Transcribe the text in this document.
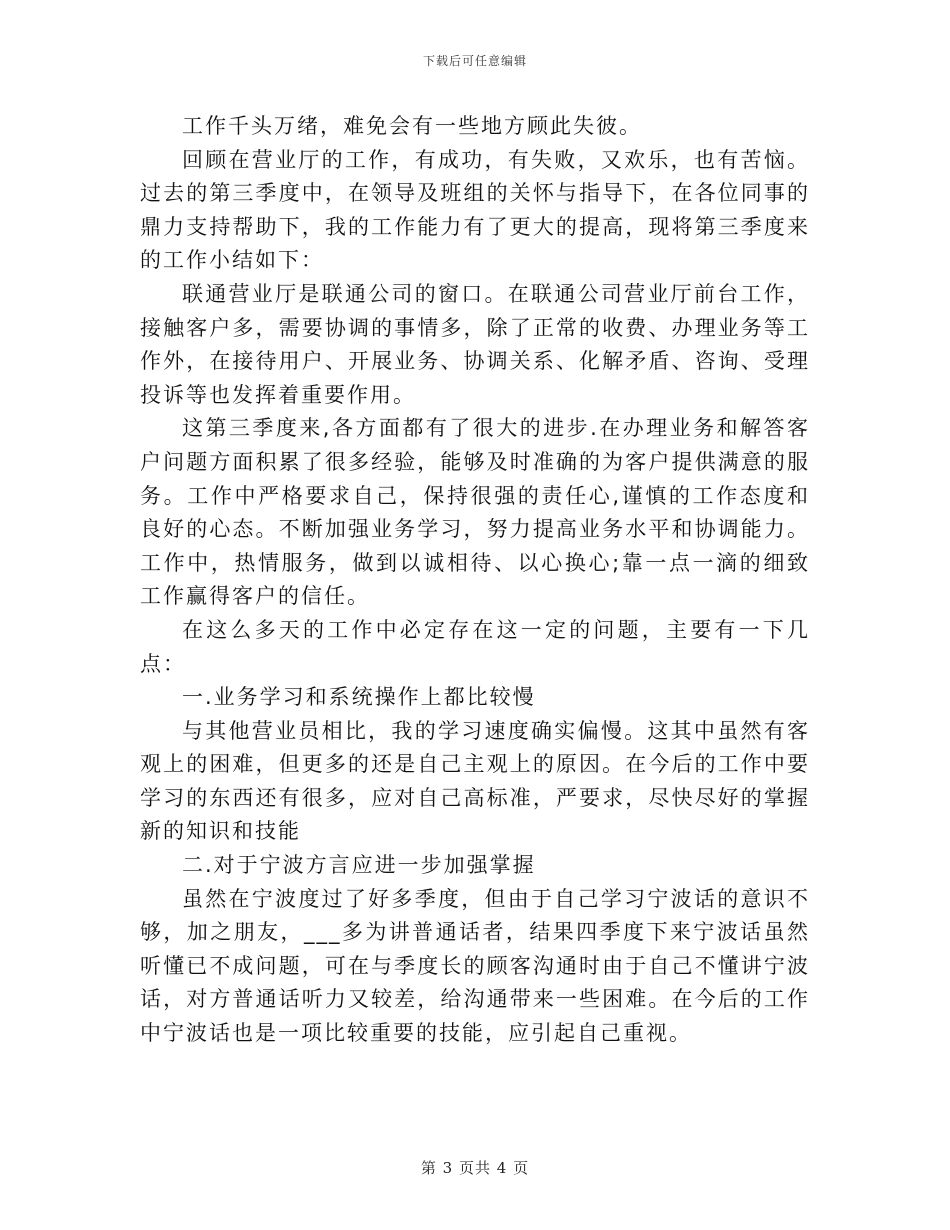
下载后可任意编辑

工作千头万绪，难免会有一些地方顾此失彼。

回顾在营业厅的工作，有成功，有失败，又欢乐，也有苦恼。过去的第三季度中，在领导及班组的关怀与指导下，在各位同事的鼎力支持帮助下，我的工作能力有了更大的提高，现将第三季度来的工作小结如下：

联通营业厅是联通公司的窗口。在联通公司营业厅前台工作，接触客户多，需要协调的事情多，除了正常的收费、办理业务等工作外，在接待用户、开展业务、协调关系、化解矛盾、咨询、受理投诉等也发挥着重要作用。

这第三季度来,各方面都有了很大的进步.在办理业务和解答客户问题方面积累了很多经验，能够及时准确的为客户提供满意的服务。工作中严格要求自己，保持很强的责任心,谨慎的工作态度和良好的心态。不断加强业务学习，努力提高业务水平和协调能力。工作中，热情服务，做到以诚相待、以心换心;靠一点一滴的细致工作赢得客户的信任。

在这么多天的工作中必定存在这一定的问题，主要有一下几点：

一.业务学习和系统操作上都比较慢

与其他营业员相比，我的学习速度确实偏慢。这其中虽然有客观上的困难，但更多的还是自己主观上的原因。在今后的工作中要学习的东西还有很多，应对自己高标准，严要求，尽快尽好的掌握新的知识和技能

二.对于宁波方言应进一步加强掌握

虽然在宁波度过了好多季度，但由于自己学习宁波话的意识不够，加之朋友，___多为讲普通话者，结果四季度下来宁波话虽然听懂已不成问题，可在与季度长的顾客沟通时由于自己不懂讲宁波话，对方普通话听力又较差，给沟通带来一些困难。在今后的工作中宁波话也是一项比较重要的技能，应引起自己重视。

第 3 页共 4 页
